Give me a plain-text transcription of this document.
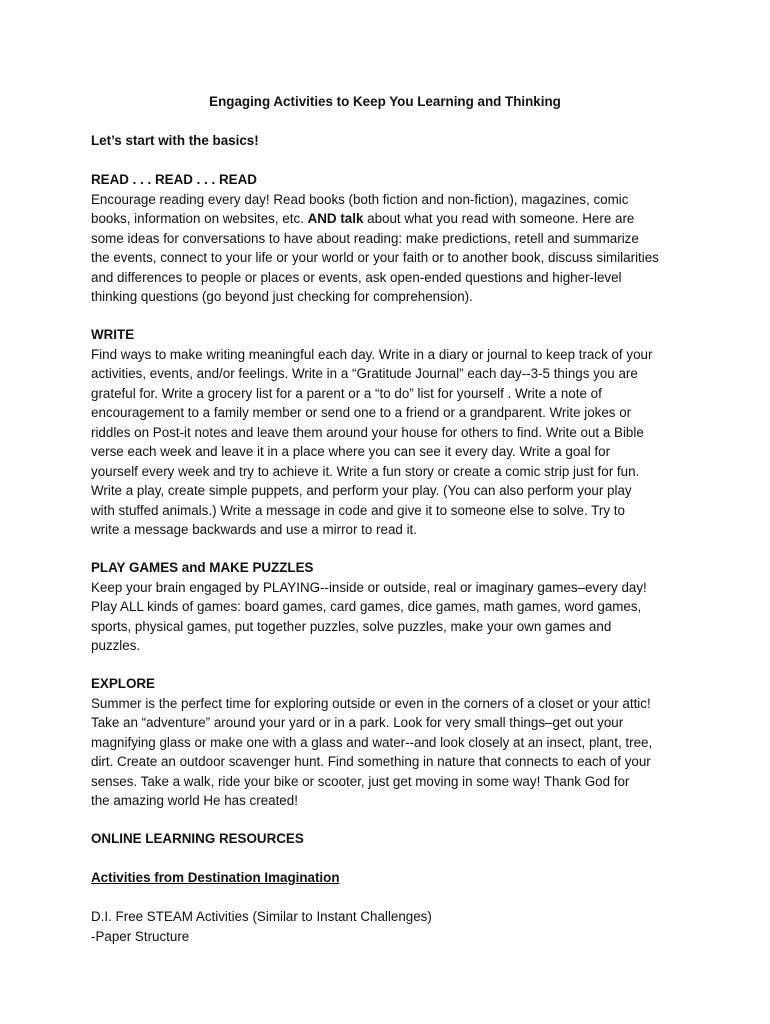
Engaging Activities to Keep You Learning and Thinking
Let’s start with the basics!
READ . . . READ . . . READ
Encourage reading every day! Read books (both fiction and non-fiction), magazines, comic
books, information on websites, etc. AND talk about what you read with someone. Here are
some ideas for conversations to have about reading: make predictions, retell and summarize
the events, connect to your life or your world or your faith or to another book, discuss similarities
and differences to people or places or events, ask open-ended questions and higher-level
thinking questions (go beyond just checking for comprehension).
WRITE
Find ways to make writing meaningful each day. Write in a diary or journal to keep track of your
activities, events, and/or feelings. Write in a “Gratitude Journal” each day--3-5 things you are
grateful for. Write a grocery list for a parent or a “to do” list for yourself . Write a note of
encouragement to a family member or send one to a friend or a grandparent. Write jokes or
riddles on Post-it notes and leave them around your house for others to find. Write out a Bible
verse each week and leave it in a place where you can see it every day. Write a goal for
yourself every week and try to achieve it. Write a fun story or create a comic strip just for fun.
Write a play, create simple puppets, and perform your play. (You can also perform your play
with stuffed animals.) Write a message in code and give it to someone else to solve. Try to
write a message backwards and use a mirror to read it.
PLAY GAMES and MAKE PUZZLES
Keep your brain engaged by PLAYING--inside or outside, real or imaginary games–every day!
Play ALL kinds of games: board games, card games, dice games, math games, word games,
sports, physical games, put together puzzles, solve puzzles, make your own games and
puzzles.
EXPLORE
Summer is the perfect time for exploring outside or even in the corners of a closet or your attic!
Take an “adventure” around your yard or in a park. Look for very small things–get out your
magnifying glass or make one with a glass and water--and look closely at an insect, plant, tree,
dirt. Create an outdoor scavenger hunt. Find something in nature that connects to each of your
senses. Take a walk, ride your bike or scooter, just get moving in some way! Thank God for
the amazing world He has created!
ONLINE LEARNING RESOURCES
Activities from Destination Imagination
D.I. Free STEAM Activities (Similar to Instant Challenges)
-Paper Structure
